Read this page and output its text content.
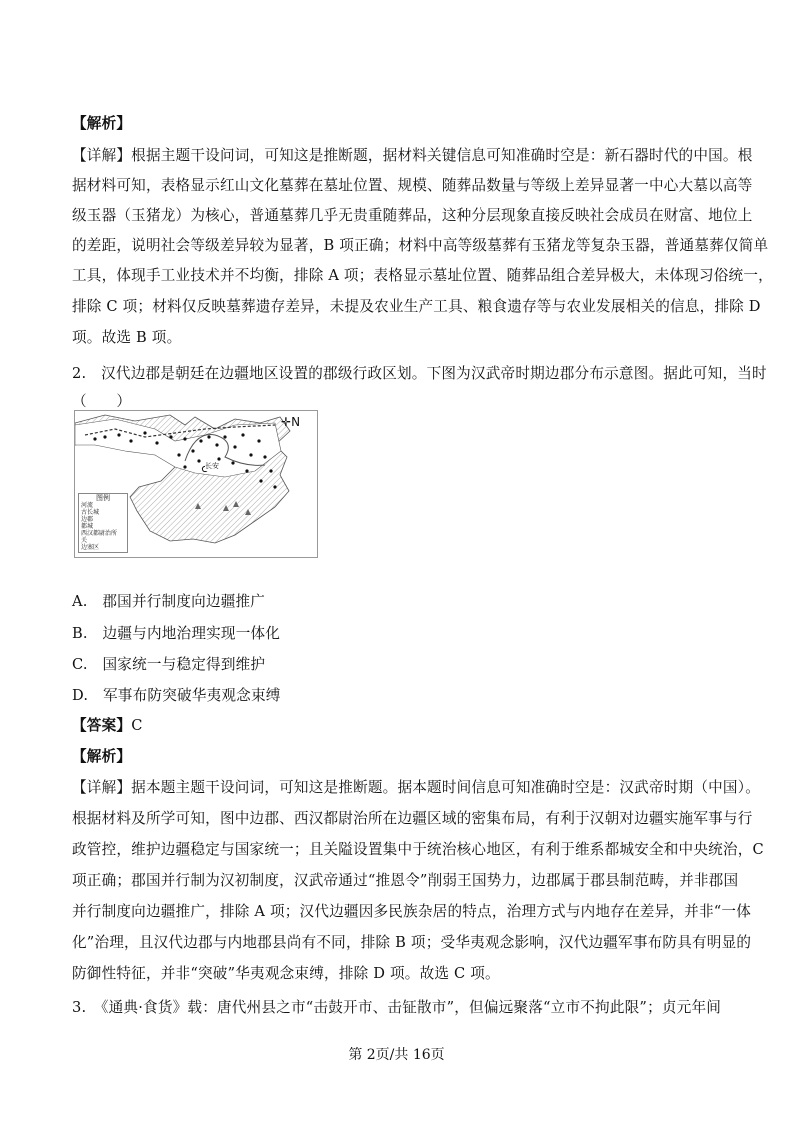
【解析】
【详解】根据主题干设问词，可知这是推断题，据材料关键信息可知准确时空是：新石器时代的中国。根
据材料可知，表格显示红山文化墓葬在墓址位置、规模、随葬品数量与等级上差异显著一中心大墓以高等
级玉器（玉猪龙）为核心，普通墓葬几乎无贵重随葬品，这种分层现象直接反映社会成员在财富、地位上
的差距，说明社会等级差异较为显著，B 项正确；材料中高等级墓葬有玉猪龙等复杂玉器，普通墓葬仅简单
工具，体现手工业技术并不均衡，排除 A 项；表格显示墓址位置、随葬品组合差异极大，未体现习俗统一，
排除 C 项；材料仅反映墓葬遗存差异，未提及农业生产工具、粮食遗存等与农业发展相关的信息，排除 D
项。故选 B 项。
2.　汉代边郡是朝廷在边疆地区设置的郡级行政区划。下图为汉武帝时期边郡分布示意图。据此可知，当时
（　　）
长安
✛N
图例
河流
古长城
边郡
都城
西汉都尉治所
关
边塞区
A.　郡国并行制度向边疆推广
B.　边疆与内地治理实现一体化
C.　国家统一与稳定得到维护
D.　军事布防突破华夷观念束缚
【答案】C
【解析】
【详解】据本题主题干设问词，可知这是推断题。据本题时间信息可知准确时空是：汉武帝时期（中国）。
根据材料及所学可知，图中边郡、西汉都尉治所在边疆区域的密集布局，有利于汉朝对边疆实施军事与行
政管控，维护边疆稳定与国家统一；且关隘设置集中于统治核心地区，有利于维系都城安全和中央统治，C
项正确；郡国并行制为汉初制度，汉武帝通过“推恩令”削弱王国势力，边郡属于郡县制范畴，并非郡国
并行制度向边疆推广，排除 A 项；汉代边疆因多民族杂居的特点，治理方式与内地存在差异，并非“一体
化”治理，且汉代边郡与内地郡县尚有不同，排除 B 项；受华夷观念影响，汉代边疆军事布防具有明显的
防御性特征，并非“突破”华夷观念束缚，排除 D 项。故选 C 项。
3.　《通典·食货》载：唐代州县之市“击鼓开市、击钲散市”，但偏远聚落“立市不拘此限”；贞元年间
第 2页/共 16页
